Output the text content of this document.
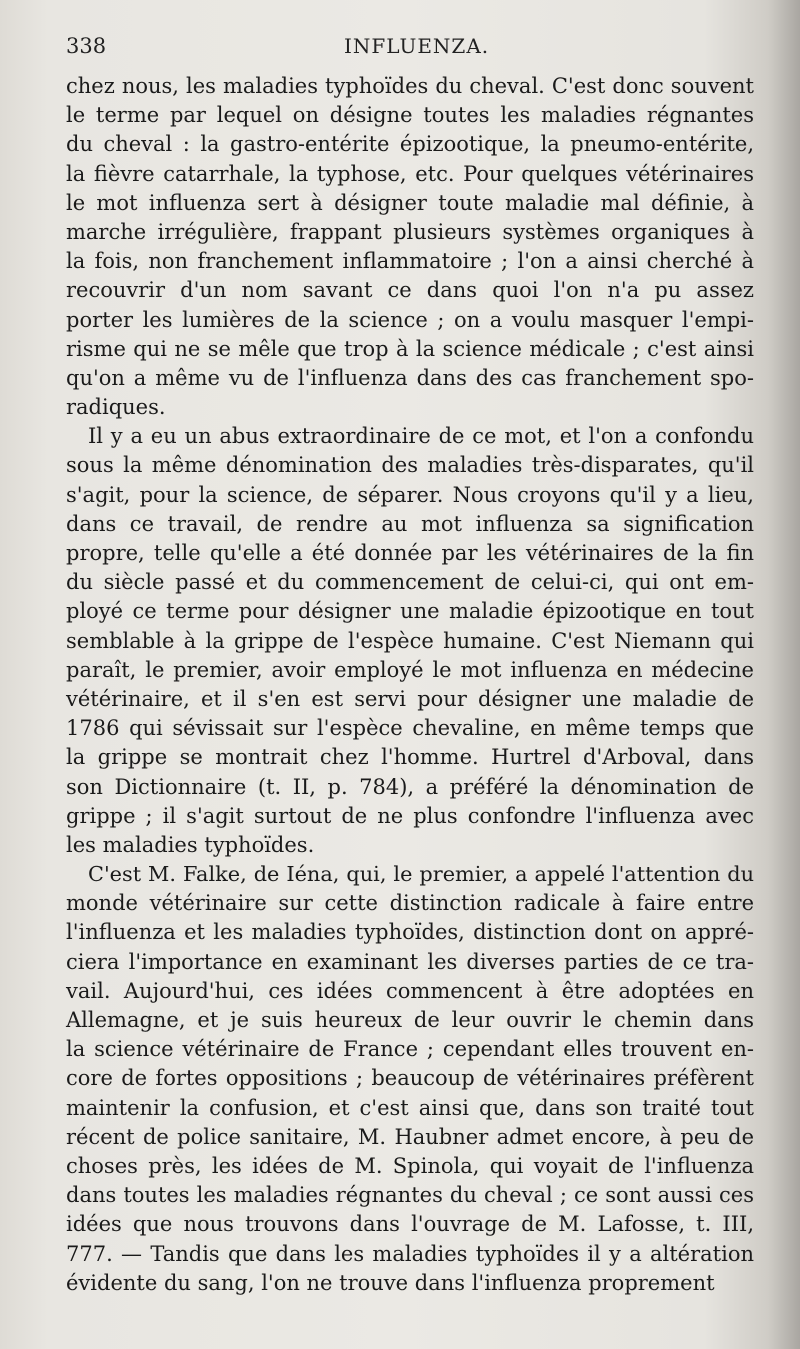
338	INFLUENZA.
chez nous, les maladies typhoïdes du cheval. C'est donc souvent
le terme par lequel on désigne toutes les maladies régnantes
du cheval : la gastro-entérite épizootique, la pneumo-entérite,
la fièvre catarrhale, la typhose, etc. Pour quelques vétérinaires
le mot influenza sert à désigner toute maladie mal définie, à
marche irrégulière, frappant plusieurs systèmes organiques à
la fois, non franchement inflammatoire ; l'on a ainsi cherché à
recouvrir d'un nom savant ce dans quoi l'on n'a pu assez
porter les lumières de la science ; on a voulu masquer l'empi-
risme qui ne se mêle que trop à la science médicale ; c'est ainsi
qu'on a même vu de l'influenza dans des cas franchement spo-
radiques.
Il y a eu un abus extraordinaire de ce mot, et l'on a confondu
sous la même dénomination des maladies très-disparates, qu'il
s'agit, pour la science, de séparer. Nous croyons qu'il y a lieu,
dans ce travail, de rendre au mot influenza sa signification
propre, telle qu'elle a été donnée par les vétérinaires de la fin
du siècle passé et du commencement de celui-ci, qui ont em-
ployé ce terme pour désigner une maladie épizootique en tout
semblable à la grippe de l'espèce humaine. C'est Niemann qui
paraît, le premier, avoir employé le mot influenza en médecine
vétérinaire, et il s'en est servi pour désigner une maladie de
1786 qui sévissait sur l'espèce chevaline, en même temps que
la grippe se montrait chez l'homme. Hurtrel d'Arboval, dans
son Dictionnaire (t. II, p. 784), a préféré la dénomination de
grippe ; il s'agit surtout de ne plus confondre l'influenza avec
les maladies typhoïdes.
C'est M. Falke, de Iéna, qui, le premier, a appelé l'attention du
monde vétérinaire sur cette distinction radicale à faire entre
l'influenza et les maladies typhoïdes, distinction dont on appré-
ciera l'importance en examinant les diverses parties de ce tra-
vail. Aujourd'hui, ces idées commencent à être adoptées en
Allemagne, et je suis heureux de leur ouvrir le chemin dans
la science vétérinaire de France ; cependant elles trouvent en-
core de fortes oppositions ; beaucoup de vétérinaires préfèrent
maintenir la confusion, et c'est ainsi que, dans son traité tout
récent de police sanitaire, M. Haubner admet encore, à peu de
choses près, les idées de M. Spinola, qui voyait de l'influenza
dans toutes les maladies régnantes du cheval ; ce sont aussi ces
idées que nous trouvons dans l'ouvrage de M. Lafosse, t. III,
777. — Tandis que dans les maladies typhoïdes il y a altération
évidente du sang, l'on ne trouve dans l'influenza proprement
